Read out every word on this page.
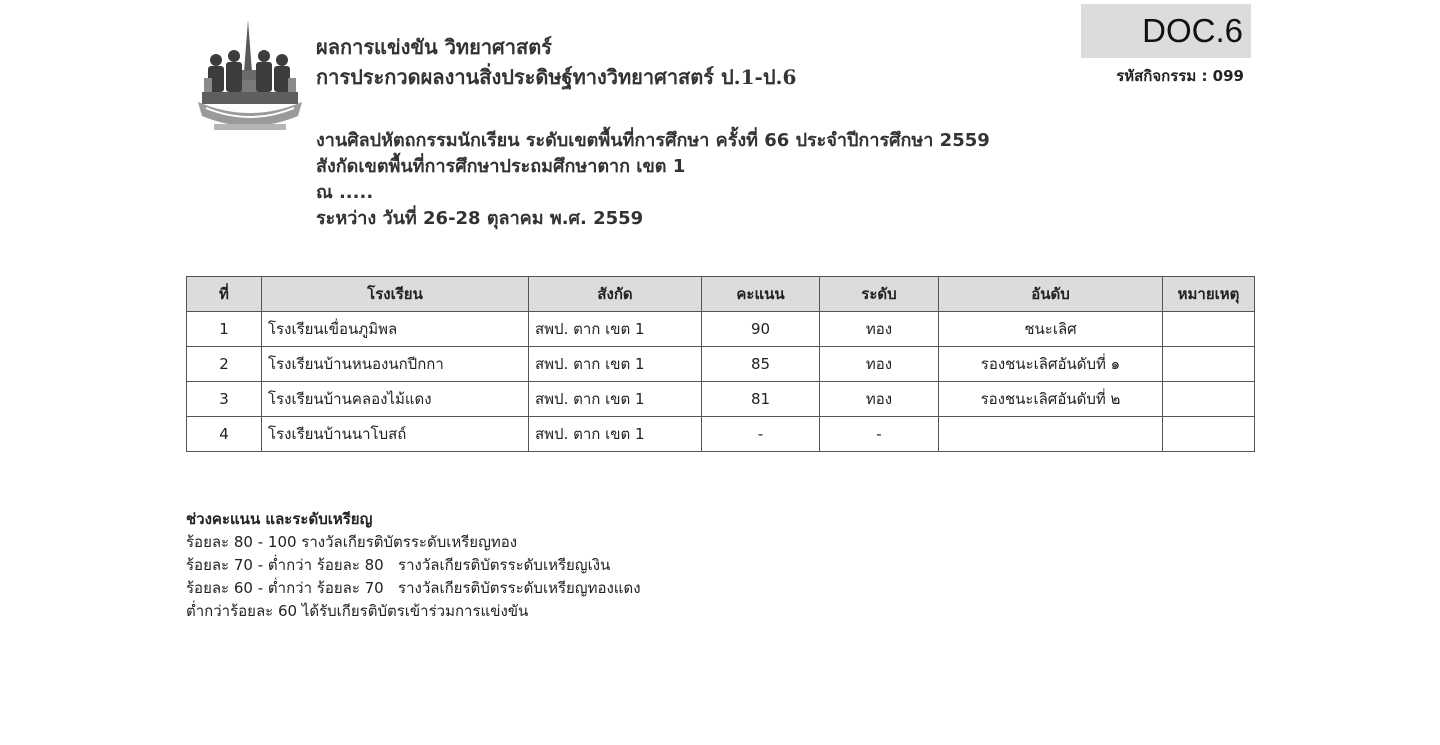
ผลการแข่งขัน วิทยาศาสตร์
การประกวดผลงานสิ่งประดิษฐ์ทางวิทยาศาสตร์ ป.1-ป.6
DOC.6
รหัสกิจกรรม : 099
งานศิลปหัตถกรรมนักเรียน ระดับเขตพื้นที่การศึกษา ครั้งที่ 66 ประจำปีการศึกษา 2559
สังกัดเขตพื้นที่การศึกษาประถมศึกษาตาก เขต 1
ณ .....
ระหว่าง วันที่ 26-28 ตุลาคม พ.ศ. 2559
ที่	โรงเรียน	สังกัด	คะแนน	ระดับ	อันดับ	หมายเหตุ
1	โรงเรียนเขื่อนภูมิพล	สพป. ตาก เขต 1	90	ทอง	ชนะเลิศ	
2	โรงเรียนบ้านหนองนกปีกกา	สพป. ตาก เขต 1	85	ทอง	รองชนะเลิศอันดับที่ ๑	
3	โรงเรียนบ้านคลองไม้แดง	สพป. ตาก เขต 1	81	ทอง	รองชนะเลิศอันดับที่ ๒	
4	โรงเรียนบ้านนาโบสถ์	สพป. ตาก เขต 1	-	-		
ช่วงคะแนน และระดับเหรียญ
ร้อยละ 80 - 100 รางวัลเกียรติบัตรระดับเหรียญทอง
ร้อยละ 70 - ต่ำกว่า ร้อยละ 80   รางวัลเกียรติบัตรระดับเหรียญเงิน
ร้อยละ 60 - ต่ำกว่า ร้อยละ 70   รางวัลเกียรติบัตรระดับเหรียญทองแดง
ต่ำกว่าร้อยละ 60 ได้รับเกียรติบัตรเข้าร่วมการแข่งขัน
